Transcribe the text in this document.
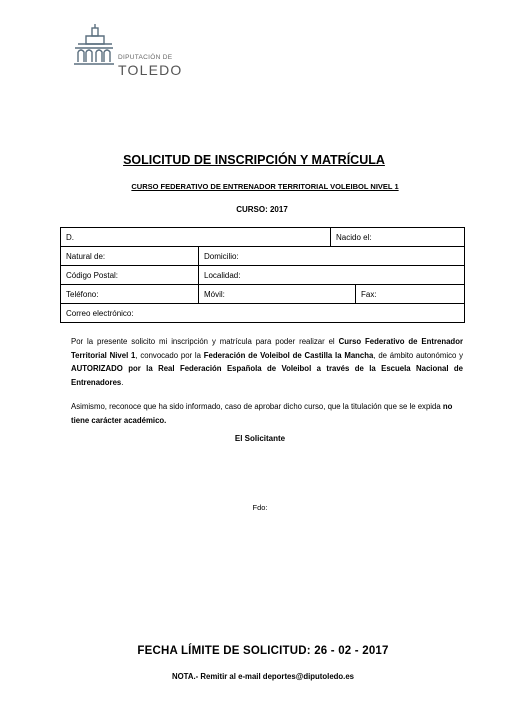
DIPUTACIÓN DE
TOLEDO
SOLICITUD DE INSCRIPCIÓN Y MATRÍCULA
CURSO FEDERATIVO DE ENTRENADOR TERRITORIAL VOLEIBOL NIVEL 1
CURSO: 2017
D.		Nacido el:	
Natural de:	Domicilio:		
Código Postal:	Localidad:		
Teléfono:	Móvil:		Fax:
Correo electrónico:			
Por la presente solicito mi inscripción y matrícula para poder realizar el Curso Federativo de Entrenador Territorial Nivel 1, convocado por la Federación de Voleibol de Castilla la Mancha, de ámbito autonómico y AUTORIZADO por la Real Federación Española de Voleibol a través de la Escuela Nacional de Entrenadores.
Asimismo, reconoce que ha sido informado, caso de aprobar dicho curso, que la titulación que se le expida no tiene carácter académico.
El Solicitante
Fdo:
FECHA LÍMITE DE SOLICITUD: 26 - 02 - 2017
NOTA.- Remitir al e-mail deportes@diputoledo.es
